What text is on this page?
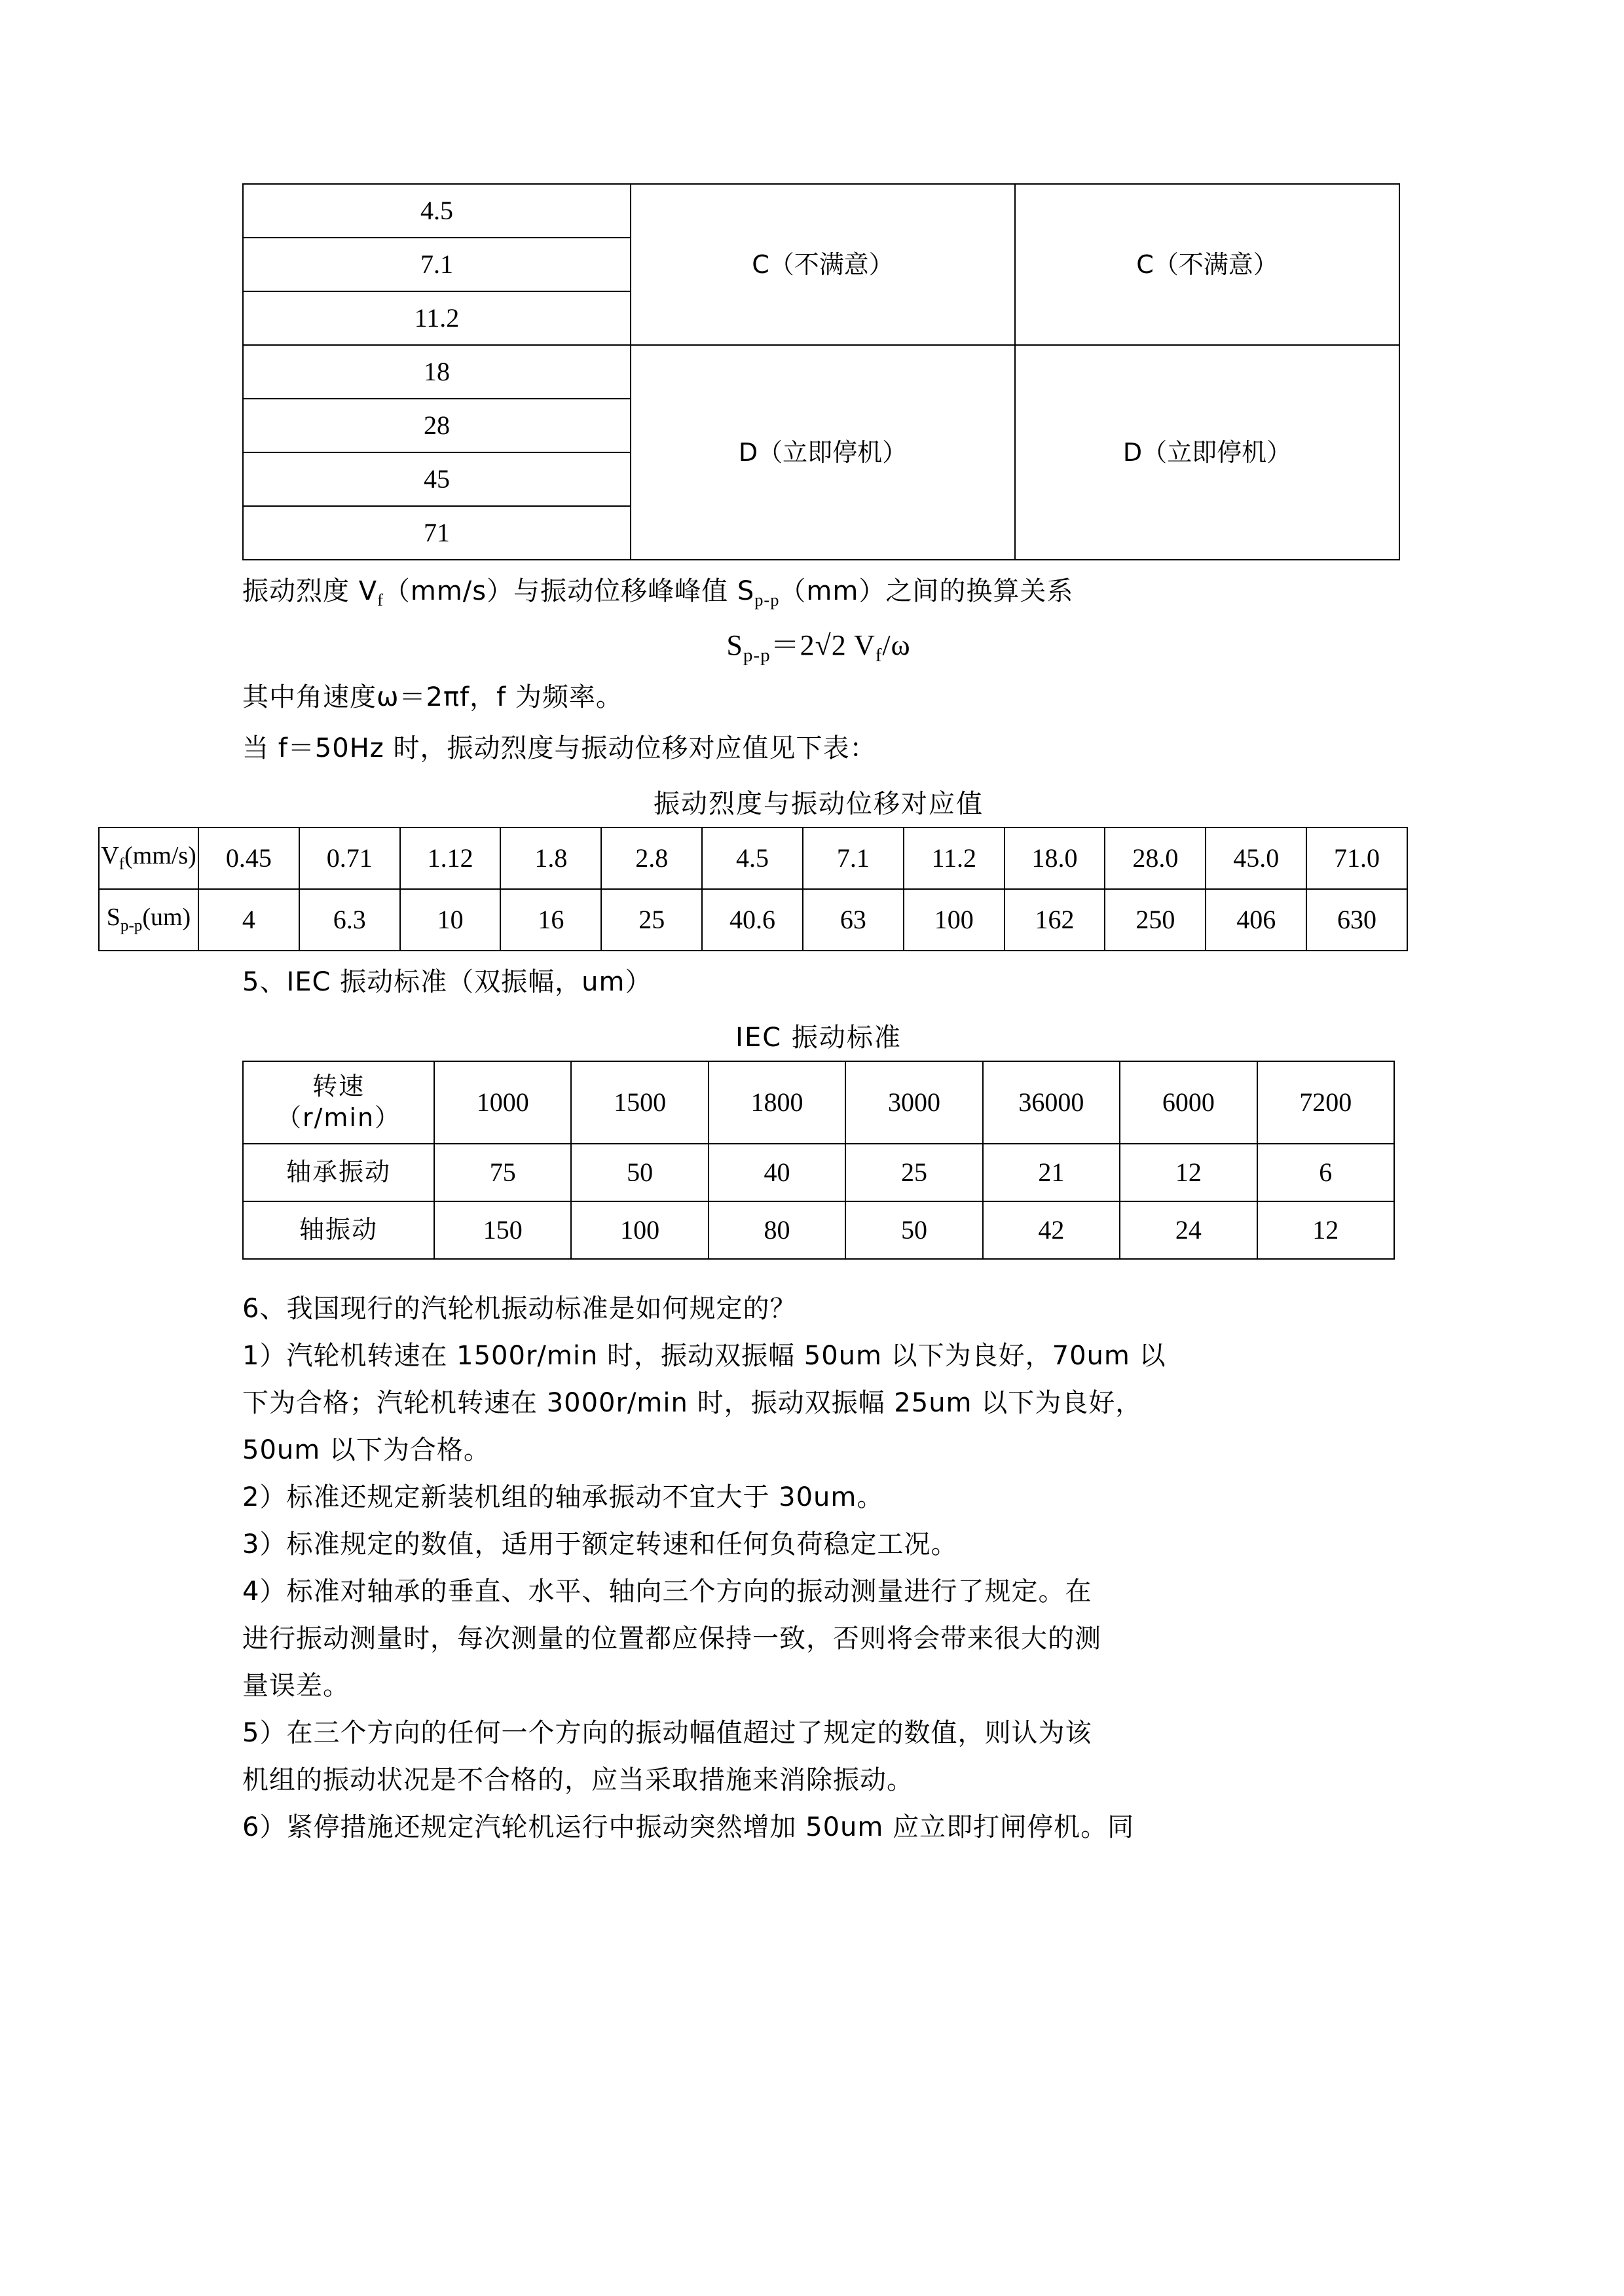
4.5	C（不满意）	C（不满意）
7.1		
11.2		
18	D（立即停机）	D（立即停机）
28		
45		
71		

振动烈度 $V_f(mm/s)$与振动位移峰峰值 $S_{p-p}(mm)$之间的换算关系

$S_{p-p}=2√2$ $V_f/\omega$

其中角速度ω＝2πf，f 为频率。

当 f＝50Hz 时，振动烈度与振动位移对应值见下表：

振动烈度与振动位移对应值
$V_f(mm/s)$	0.45	0.71	1.12	1.8	2.8	4.5	7.1	11.2	18.0	28.0	45.0	71.0
$S_{p-p}(um)$	4	6.3	10	16	25	40.6	63	100	162	250	406	630

5、IEC 振动标准（双振幅，um）

IEC 振动标准
转速
（r/min）	1000	1500	1800	3000	36000	6000	7200
轴承振动	75	50	40	25	21	12	6
轴振动	150	100	80	50	42	24	12

6、我国现行的汽轮机振动标准是如何规定的？

1）汽轮机转速在 1500r/min 时，振动双振幅 50um 以下为良好，70um 以

下为合格；汽轮机转速在 3000r/min 时，振动双振幅 25um 以下为良好，

50um 以下为合格。

2）标准还规定新装机组的轴承振动不宜大于 30um。

3）标准规定的数值，适用于额定转速和任何负荷稳定工况。

4）标准对轴承的垂直、水平、轴向三个方向的振动测量进行了规定。在

进行振动测量时，每次测量的位置都应保持一致，否则将会带来很大的测

量误差。

5）在三个方向的任何一个方向的振动幅值超过了规定的数值，则认为该

机组的振动状况是不合格的，应当采取措施来消除振动。

6）紧停措施还规定汽轮机运行中振动突然增加 50um 应立即打闸停机。同
